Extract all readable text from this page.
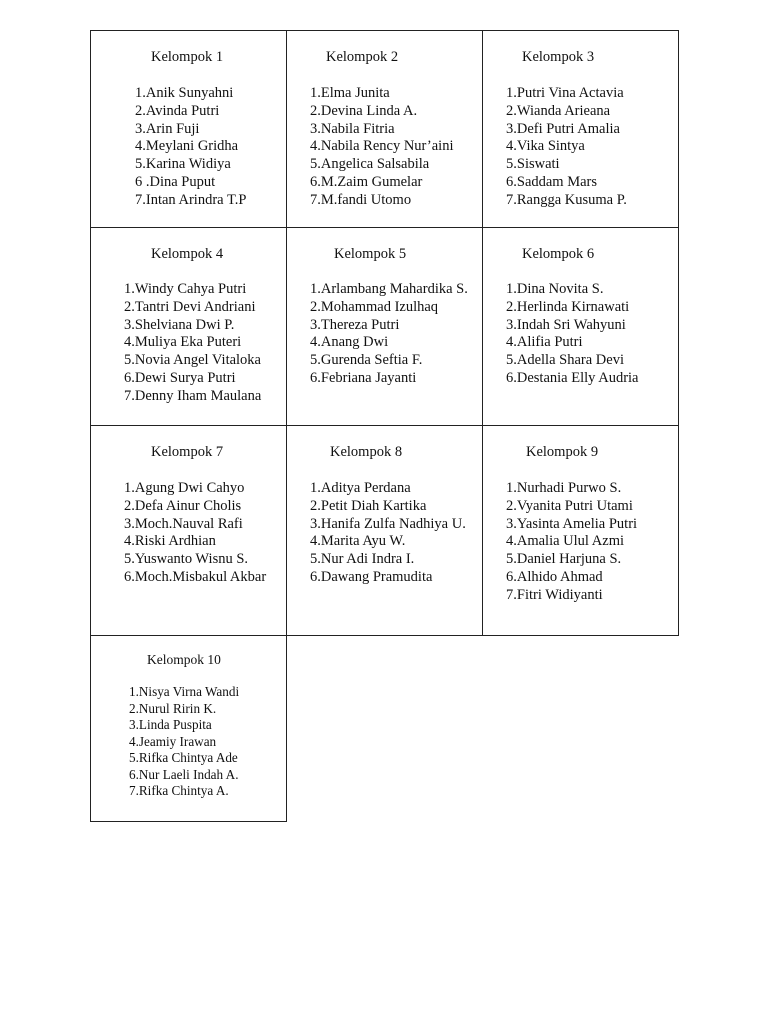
Kelompok 1
1.Anik Sunyahni
2.Avinda Putri
3.Arin Fuji
4.Meylani Gridha
5.Karina Widiya
6 .Dina Puput
7.Intan Arindra T.P
Kelompok 2
1.Elma Junita
2.Devina Linda A.
3.Nabila Fitria
4.Nabila Rency Nur’aini
5.Angelica Salsabila
6.M.Zaim Gumelar
7.M.fandi Utomo
Kelompok 3
1.Putri Vina Actavia
2.Wianda Arieana
3.Defi Putri Amalia
4.Vika Sintya
5.Siswati
6.Saddam Mars
7.Rangga Kusuma P.
Kelompok 4
1.Windy Cahya Putri
2.Tantri Devi Andriani
3.Shelviana Dwi P.
4.Muliya Eka Puteri
5.Novia Angel Vitaloka
6.Dewi Surya Putri
7.Denny Iham Maulana
Kelompok 5
1.Arlambang Mahardika S.
2.Mohammad Izulhaq
3.Thereza Putri
4.Anang Dwi
5.Gurenda Seftia F.
6.Febriana Jayanti
Kelompok 6
1.Dina Novita S.
2.Herlinda Kirnawati
3.Indah Sri Wahyuni
4.Alifia Putri
5.Adella Shara Devi
6.Destania Elly Audria
Kelompok 7
1.Agung Dwi Cahyo
2.Defa Ainur Cholis
3.Moch.Nauval Rafi
4.Riski Ardhian
5.Yuswanto Wisnu S.
6.Moch.Misbakul Akbar
Kelompok 8
1.Aditya Perdana
2.Petit Diah Kartika
3.Hanifa Zulfa Nadhiya U.
4.Marita Ayu W.
5.Nur Adi Indra I.
6.Dawang Pramudita
Kelompok 9
1.Nurhadi Purwo S.
2.Vyanita Putri Utami
3.Yasinta Amelia Putri
4.Amalia Ulul Azmi
5.Daniel Harjuna S.
6.Alhido Ahmad
7.Fitri Widiyanti
Kelompok 10
1.Nisya Virna Wandi
2.Nurul Ririn K.
3.Linda Puspita
4.Jeamiy Irawan
5.Rifka Chintya Ade
6.Nur Laeli Indah A.
7.Rifka Chintya A.
